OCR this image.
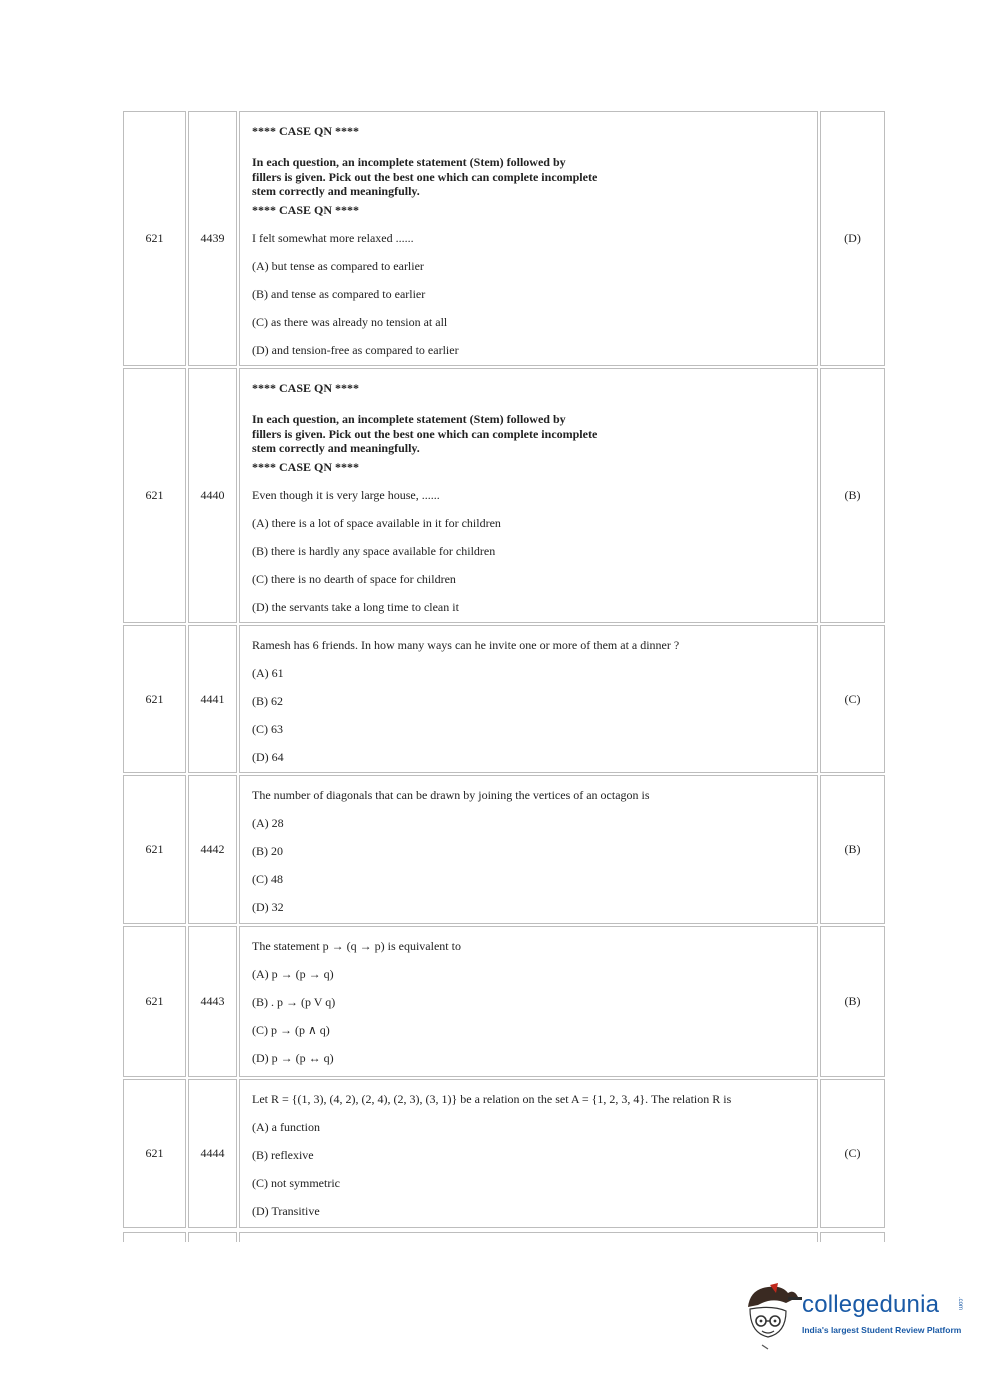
621	4439

**** CASE QN ****

In each question, an incomplete statement (Stem) followed by

fillers is given. Pick out the best one which can complete incomplete

stem correctly and meaningfully.

**** CASE QN ****

I felt somewhat more relaxed ......

(A) but tense as compared to earlier

(B) and tense as compared to earlier

(C) as there was already no tension at all

(D) and tension-free as compared to earlier

(D)
621	4440

**** CASE QN ****

In each question, an incomplete statement (Stem) followed by

fillers is given. Pick out the best one which can complete incomplete

stem correctly and meaningfully.

**** CASE QN ****

Even though it is very large house, ......

(A) there is a lot of space available in it for children

(B) there is hardly any space available for children

(C) there is no dearth of space for children

(D) the servants take a long time to clean it

(B)
621	4441

Ramesh has 6 friends. In how many ways can he invite one or more of them at a dinner ?

(A) 61

(B) 62

(C) 63

(D) 64

(C)
621	4442

The number of diagonals that can be drawn by joining the vertices of an octagon is

(A) 28

(B) 20

(C) 48

(D) 32

(B)
621	4443

The statement p → (q → p) is equivalent to

(A) p → (p → q)

(B) . p → (p V q)

(C) p → (p ∧ q)

(D) p → (p ↔ q)

(B)
621	4444

Let R = {(1, 3), (4, 2), (2, 4), (2, 3), (3, 1)} be a relation on the set A = {1, 2, 3, 4}. The relation R is

(A) a function

(B) reflexive

(C) not symmetric

(D) Transitive

(C)
collegedunia	.com
India's largest Student Review Platform
